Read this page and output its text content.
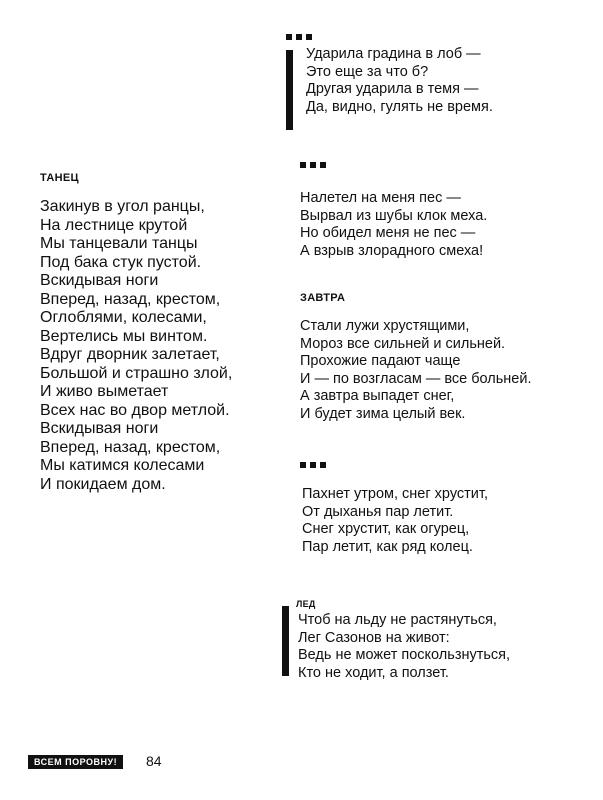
Ударила градина в лоб —
Это еще за что б?
Другая ударила в темя —
Да, видно, гулять не время.
ТАНЕЦ
Закинув в угол ранцы,
На лестнице крутой
Мы танцевали танцы
Под бака стук пустой.
Вскидывая ноги
Вперед, назад, крестом,
Оглоблями, колесами,
Вертелись мы винтом.
Вдруг дворник залетает,
Большой и страшно злой,
И живо выметает
Всех нас во двор метлой.
Вскидывая ноги
Вперед, назад, крестом,
Мы катимся колесами
И покидаем дом.
Налетел на меня пес —
Вырвал из шубы клок меха.
Но обидел меня не пес —
А взрыв злорадного смеха!
ЗАВТРА
Стали лужи хрустящими,
Мороз все сильней и сильней.
Прохожие падают чаще
И — по возгласам — все больней.
А завтра выпадет снег,
И будет зима целый век.
Пахнет утром, снег хрустит,
От дыханья пар летит.
Снег хрустит, как огурец,
Пар летит, как ряд колец.
ЛЕД
Чтоб на льду не растянуться,
Лег Сазонов на живот:
Ведь не может поскользнуться,
Кто не ходит, а ползет.
ВСЕМ ПОРОВНУ!	84
